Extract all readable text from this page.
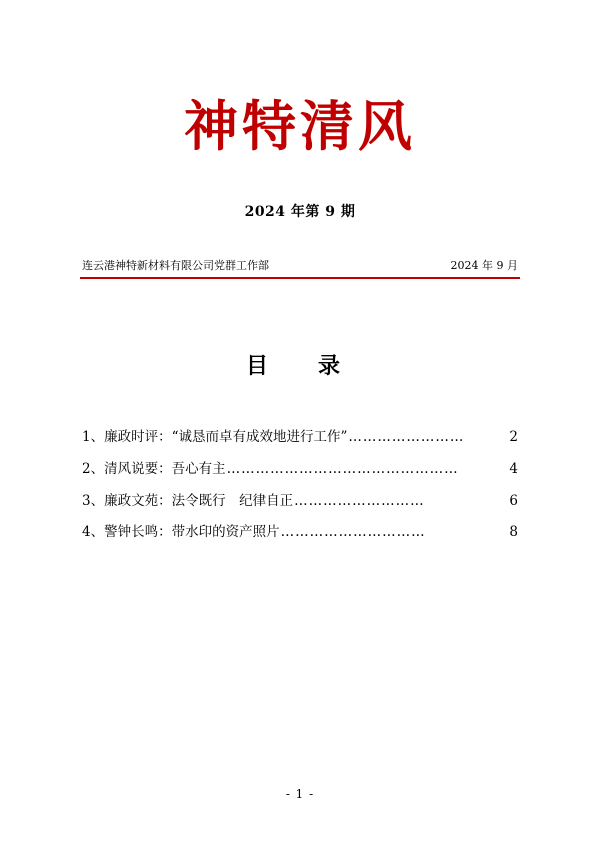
神特清风
2024 年第 9 期
连云港神特新材料有限公司党群工作部	2024 年 9 月
目　录
1、廉政时评：“诚恳而卓有成效地进行工作” ……………………	2
2、清风说要：吾心有主 …………………………………………	4
3、廉政文苑：法令既行　纪律自正 ………………………	6
4、警钟长鸣：带水印的资产照片 …………………………	8
- 1 -
